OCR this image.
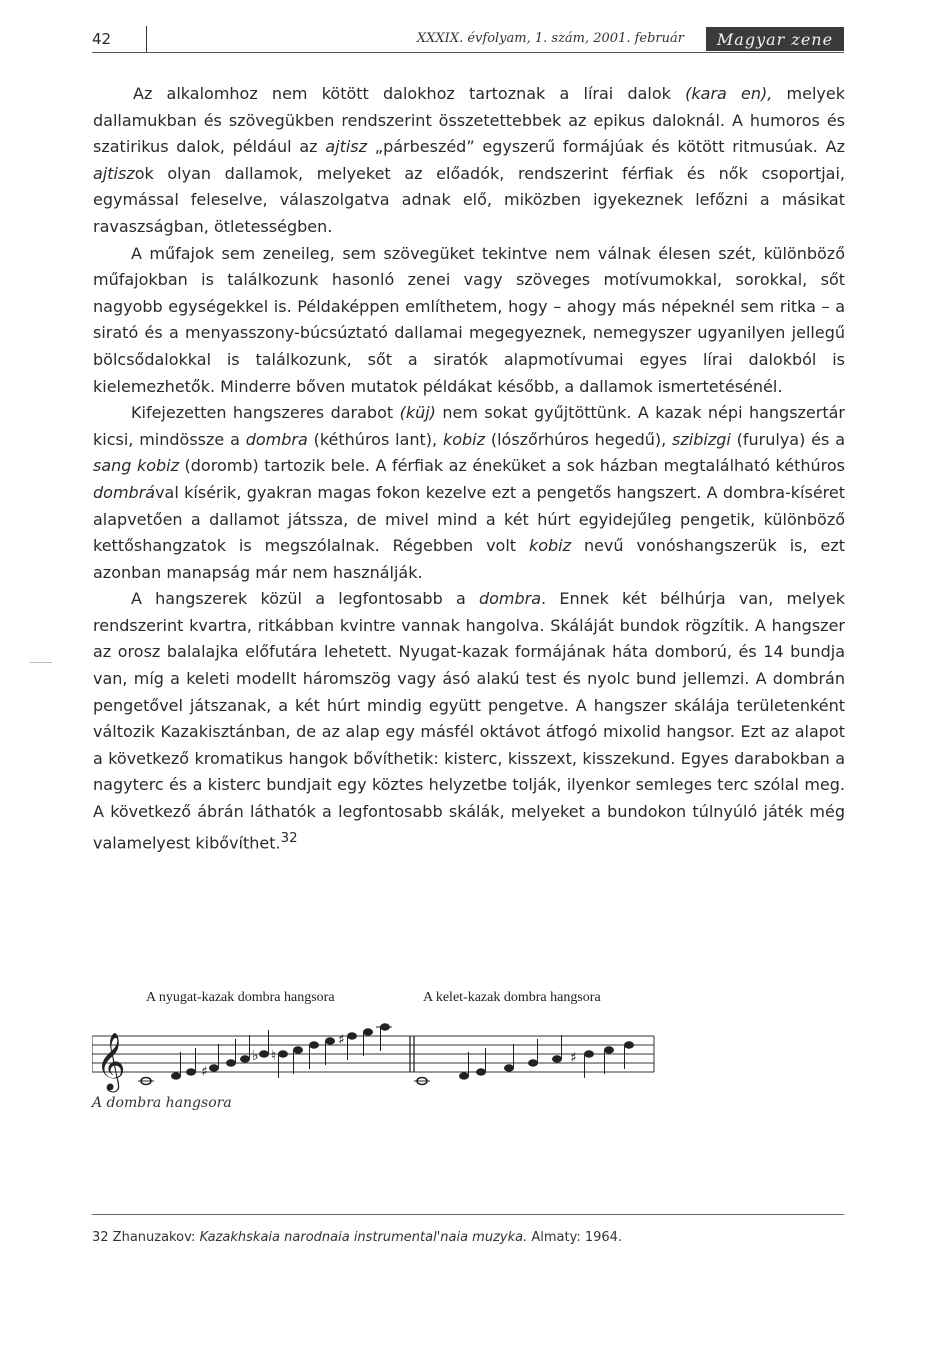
42	XXXIX. évfolyam, 1. szám, 2001. február	Magyar zene

Az alkalomhoz nem kötött dalokhoz tartoznak a lírai dalok (kara en), melyek dallamukban és szövegükben rendszerint összetettebbek az epikus daloknál. A humoros és szatirikus dalok, például az ajtisz „párbeszéd” egyszerű formájúak és kötött ritmusúak. Az ajtiszok olyan dallamok, melyeket az előadók, rendszerint férfiak és nők csoportjai, egymással feleselve, válaszolgatva adnak elő, miközben igyekeznek lefőzni a másikat ravaszságban, ötletességben.

A műfajok sem zeneileg, sem szövegüket tekintve nem válnak élesen szét, különböző műfajokban is találkozunk hasonló zenei vagy szöveges motívumokkal, sorokkal, sőt nagyobb egységekkel is. Példaképpen említhetem, hogy – ahogy más népeknél sem ritka – a sirató és a menyasszony-búcsúztató dallamai megegyeznek, nemegyszer ugyanilyen jellegű bölcsődalokkal is találkozunk, sőt a siratók alapmotívumai egyes lírai dalokból is kielemezhetők. Minderre bőven mutatok példákat később, a dallamok ismertetésénél.

Kifejezetten hangszeres darabot (küj) nem sokat gyűjtöttünk. A kazak népi hangszertár kicsi, mindössze a dombra (kéthúros lant), kobiz (lószőrhúros hegedű), szibizgi (furulya) és a sang kobiz (doromb) tartozik bele. A férfiak az éneküket a sok házban megtalálható kéthúros dombrával kísérik, gyakran magas fokon kezelve ezt a pengetős hangszert. A dombra-kíséret alapvetően a dallamot játssza, de mivel mind a két húrt egyidejűleg pengetik, különböző kettőshangzatok is megszólalnak. Régebben volt kobiz nevű vonóshangszerük is, ezt azonban manapság már nem használják.

A hangszerek közül a legfontosabb a dombra. Ennek két bélhúrja van, melyek rendszerint kvartra, ritkábban kvintre vannak hangolva. Skáláját bundok rögzítik. A hangszer az orosz balalajka előfutára lehetett. Nyugat-kazak formájának háta domború, és 14 bundja van, míg a keleti modellt háromszög vagy ásó alakú test és nyolc bund jellemzi. A dombrán pengetővel játszanak, a két húrt mindig együtt pengetve. A hangszer skálája területenként változik Kazakisztánban, de az alap egy másfél oktávot átfogó mixolid hangsor. Ezt az alapot a következő kromatikus hangok bővíthetik: kisterc, kisszext, kisszekund. Egyes darabokban a nagyterc és a kisterc bundjait egy köztes helyzetbe tolják, ilyenkor semleges terc szólal meg. A következő ábrán láthatók a legfontosabb skálák, melyeket a bundokon túlnyúló játék még valamelyest kibővíthet.$^{32}$

A nyugat-kazak dombra hangsora	A kelet-kazak dombra hangsora
𝄞	♯
♭ ♮
♯
♯
A dombra hangsora
32 Zhanuzakov: Kazakhskaia narodnaia instrumental'naia muzyka. Almaty: 1964.
